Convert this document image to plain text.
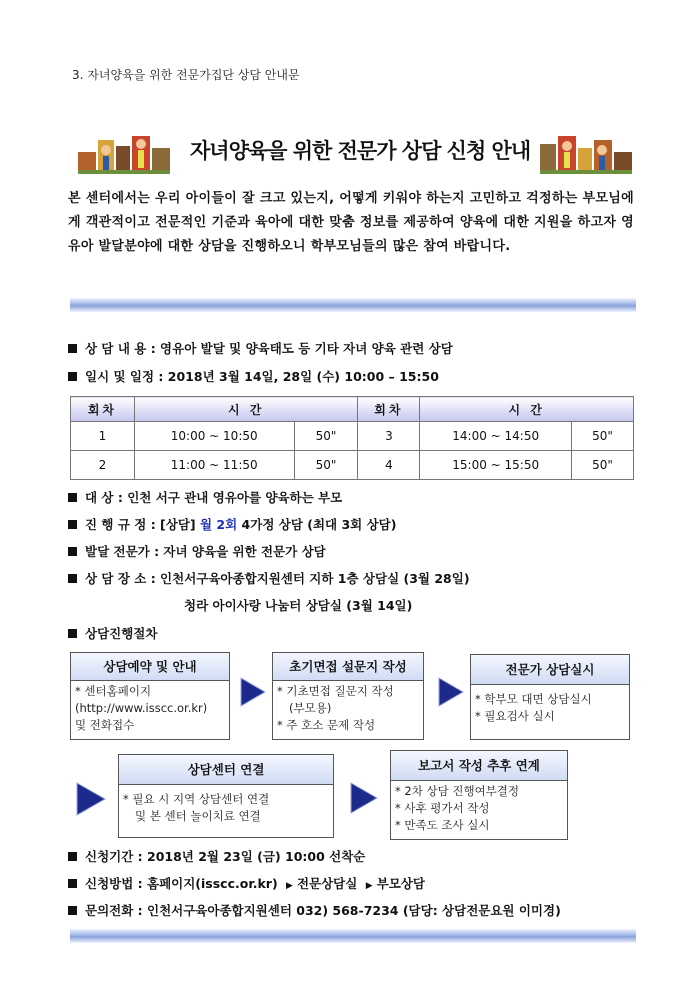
3. 자녀양육을 위한 전문가집단 상담 안내문
자녀양육을 위한 전문가 상담 신청 안내
본 센터에서는 우리 아이들이 잘 크고 있는지, 어떻게 키워야 하는지 고민하고 걱정하는 부모님에게 객관적이고 전문적인 기준과 육아에 대한 맞춤 정보를 제공하여 양육에 대한 지원을 하고자 영유아 발달분야에 대한 상담을 진행하오니 학부모님들의 많은 참여 바랍니다.
상 담 내 용 : 영유아 발달 및 양육태도 등 기타 자녀 양육 관련 상담
일시 및 일정 : 2018년 3월 14일, 28일 (수) 10:00 – 15:50
회차	시 간		회차	시 간	
1	10:00 ~ 10:50	50"	3	14:00 ~ 14:50	50"
2	11:00 ~ 11:50	50"	4	15:00 ~ 15:50	50"
대 상 : 인천 서구 관내 영유아를 양육하는 부모
진 행 규 정 : [상담] 월 2회 4가정 상담 (최대 3회 상담)
발달 전문가 : 자녀 양육을 위한 전문가 상담
상 담 장 소 : 인천서구육아종합지원센터 지하 1층 상담실 (3월 28일)
청라 아이사랑 나눔터 상담실 (3월 14일)
상담진행절차
상담예약 및 안내
* 센터홈페이지
(http://www.isscc.or.kr)
및 전화접수
초기면접 설문지 작성
* 기초면접 질문지 작성
(부모용)
* 주 호소 문제 작성
전문가 상담실시
* 학부모 대면 상담실시
* 필요검사 실시
상담센터 연결
* 필요 시 지역 상담센터 연결
및 본 센터 놀이치료 연결
보고서 작성 추후 연계
* 2차 상담 진행여부결정
* 사후 평가서 작성
* 만족도 조사 실시
신청기간 : 2018년 2월 23일 (금) 10:00 선착순
신청방법 : 홈페이지(isscc.or.kr) ▶ 전문상담실 ▶ 부모상담
문의전화 : 인천서구육아종합지원센터 032) 568-7234 (담당: 상담전문요원 이미경)
